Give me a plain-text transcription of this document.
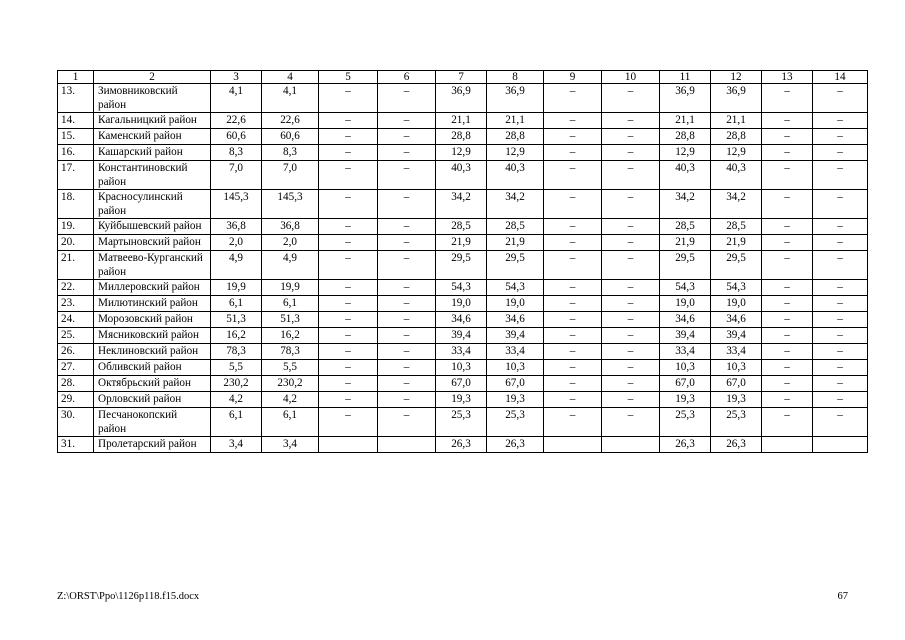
1	2	3	4	5	6	7	8	9	10	11	12	13	14
13.	Зимовниковский район	4,1	4,1	–	–	36,9	36,9	–	–	36,9	36,9	–	–
14.	Кагальницкий район	22,6	22,6	–	–	21,1	21,1	–	–	21,1	21,1	–	–
15.	Каменский район	60,6	60,6	–	–	28,8	28,8	–	–	28,8	28,8	–	–
16.	Кашарский район	8,3	8,3	–	–	12,9	12,9	–	–	12,9	12,9	–	–
17.	Константиновский район	7,0	7,0	–	–	40,3	40,3	–	–	40,3	40,3	–	–
18.	Красносулинский район	145,3	145,3	–	–	34,2	34,2	–	–	34,2	34,2	–	–
19.	Куйбышевский район	36,8	36,8	–	–	28,5	28,5	–	–	28,5	28,5	–	–
20.	Мартыновский район	2,0	2,0	–	–	21,9	21,9	–	–	21,9	21,9	–	–
21.	Матвеево-Курганский район	4,9	4,9	–	–	29,5	29,5	–	–	29,5	29,5	–	–
22.	Миллеровский район	19,9	19,9	–	–	54,3	54,3	–	–	54,3	54,3	–	–
23.	Милютинский район	6,1	6,1	–	–	19,0	19,0	–	–	19,0	19,0	–	–
24.	Морозовский район	51,3	51,3	–	–	34,6	34,6	–	–	34,6	34,6	–	–
25.	Мясниковский район	16,2	16,2	–	–	39,4	39,4	–	–	39,4	39,4	–	–
26.	Неклиновский район	78,3	78,3	–	–	33,4	33,4	–	–	33,4	33,4	–	–
27.	Обливский район	5,5	5,5	–	–	10,3	10,3	–	–	10,3	10,3	–	–
28.	Октябрьский район	230,2	230,2	–	–	67,0	67,0	–	–	67,0	67,0	–	–
29.	Орловский район	4,2	4,2	–	–	19,3	19,3	–	–	19,3	19,3	–	–
30.	Песчанокопский район	6,1	6,1	–	–	25,3	25,3	–	–	25,3	25,3	–	–
31.	Пролетарский район	3,4	3,4			26,3	26,3			26,3	26,3		
Z:\ORST\Ppo\1126p118.f15.docx	67
